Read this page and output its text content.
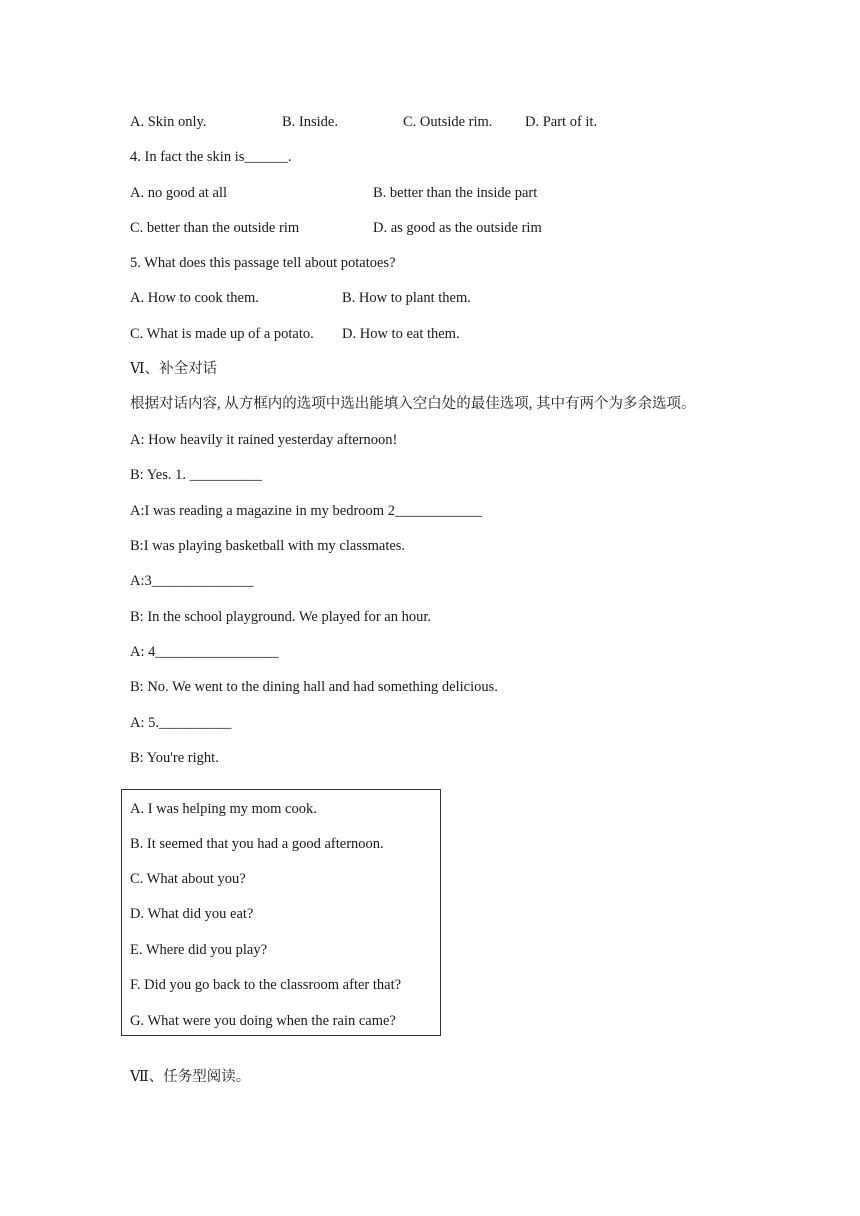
A. Skin only.	B. Inside.	C. Outside rim. D. Part of it.
4. In fact the skin is______.
A. no good at all	B. better than the inside part
C. better than the outside rim	D. as good as the outside rim
5. What does this passage tell about potatoes?
A. How to cook them.	B. How to plant them.
C. What is made up of a potato. D. How to eat them.
Ⅵ、补全对话
根据对话内容, 从方框内的选项中选出能填入空白处的最佳选项, 其中有两个为多余选项。
A: How heavily it rained yesterday afternoon!
B: Yes. 1. __________
A:I was reading a magazine in my bedroom 2____________
B:I was playing basketball with my classmates.
A:3______________
B: In the school playground. We played for an hour.
A: 4_________________
B: No. We went to the dining hall and had something delicious.
A: 5.__________
B: You're right.
A. I was helping my mom cook.
B. It seemed that you had a good afternoon.
C. What about you?
D. What did you eat?
E. Where did you play?
F. Did you go back to the classroom after that?
G. What were you doing when the rain came?
Ⅶ、任务型阅读。
